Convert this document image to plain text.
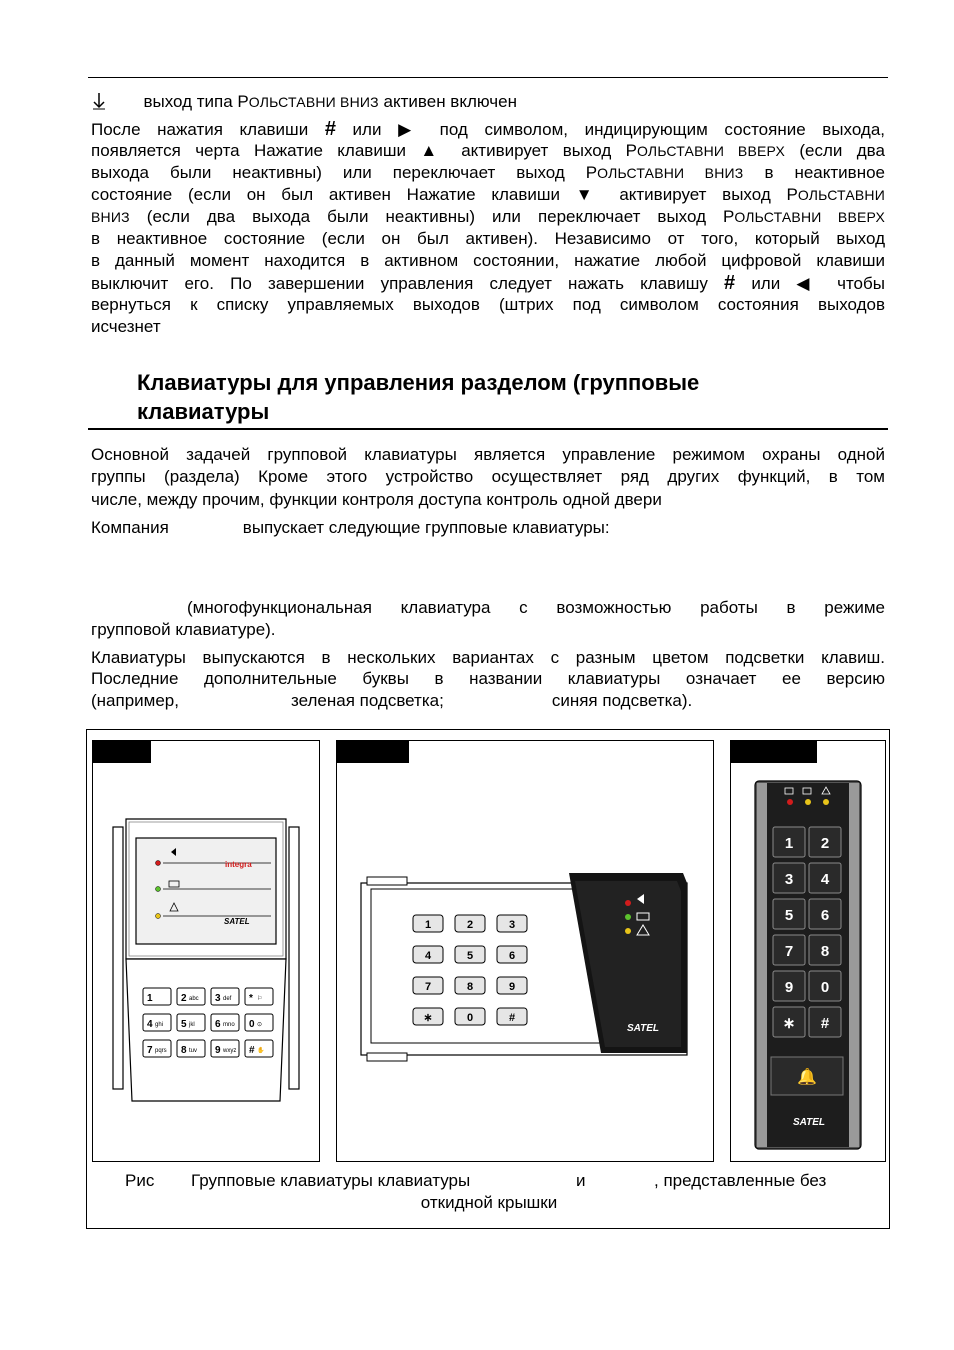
выход типа РОЛЬСТАВНИ ВНИЗ активен включен
После нажатия клавиши # или ▶ под символом, индицирующим состояние выхода,
появляется черта Нажатие клавиши ▲ активирует выход РОЛЬСТАВНИ ВВЕРХ (если два
выхода были неактивны) или переключает выход РОЛЬСТАВНИ ВНИЗ в неактивное
состояние (если он был активен Нажатие клавиши ▼ активирует выход РОЛЬСТАВНИ
ВНИЗ (если два выхода были неактивны) или переключает выход РОЛЬСТАВНИ ВВЕРХ
в неактивное состояние (если он был активен). Независимо от того, который выход
в данный момент находится в активном состоянии, нажатие любой цифровой клавиши
выключит его. По завершении управления следует нажать клавишу # или ◀ чтобы
вернуться к списку управляемых выходов (штрих под символом состояния выходов
исчезнет
Клавиатуры для управления разделом (групповые
клавиатуры
Основной задачей групповой клавиатуры является управление режимом охраны одной
группы (раздела) Кроме этого устройство осуществляет ряд других функций, в том
числе, между прочим, функции контроля доступа контроль одной двери
Компания	выпускает следующие групповые клавиатуры:
(многофункциональная клавиатура с возможностью работы в режиме
групповой клавиатуре).
Клавиатуры выпускаются в нескольких вариантах с разным цветом подсветки клавиш.
Последние дополнительные буквы в названии клавиатуры означает ее версию
(например,	зеленая подсветка;	синяя подсветка).
integra
SATEL
1	2 abc 3 def * ⚐
4 ghi 5 jkl 6 mno 0 ⊙
7 pqrs 8 tuv 9 wxyz # ✋
SATEL
1	2	3
4	5	6
7	8	9
∗	0	#
1 2
3 4
5 6
7 8
9 0
∗ #
🔔
SATEL
Рис Групповые клавиатуры клавиатуры	и	, представленные без
откидной крышки
